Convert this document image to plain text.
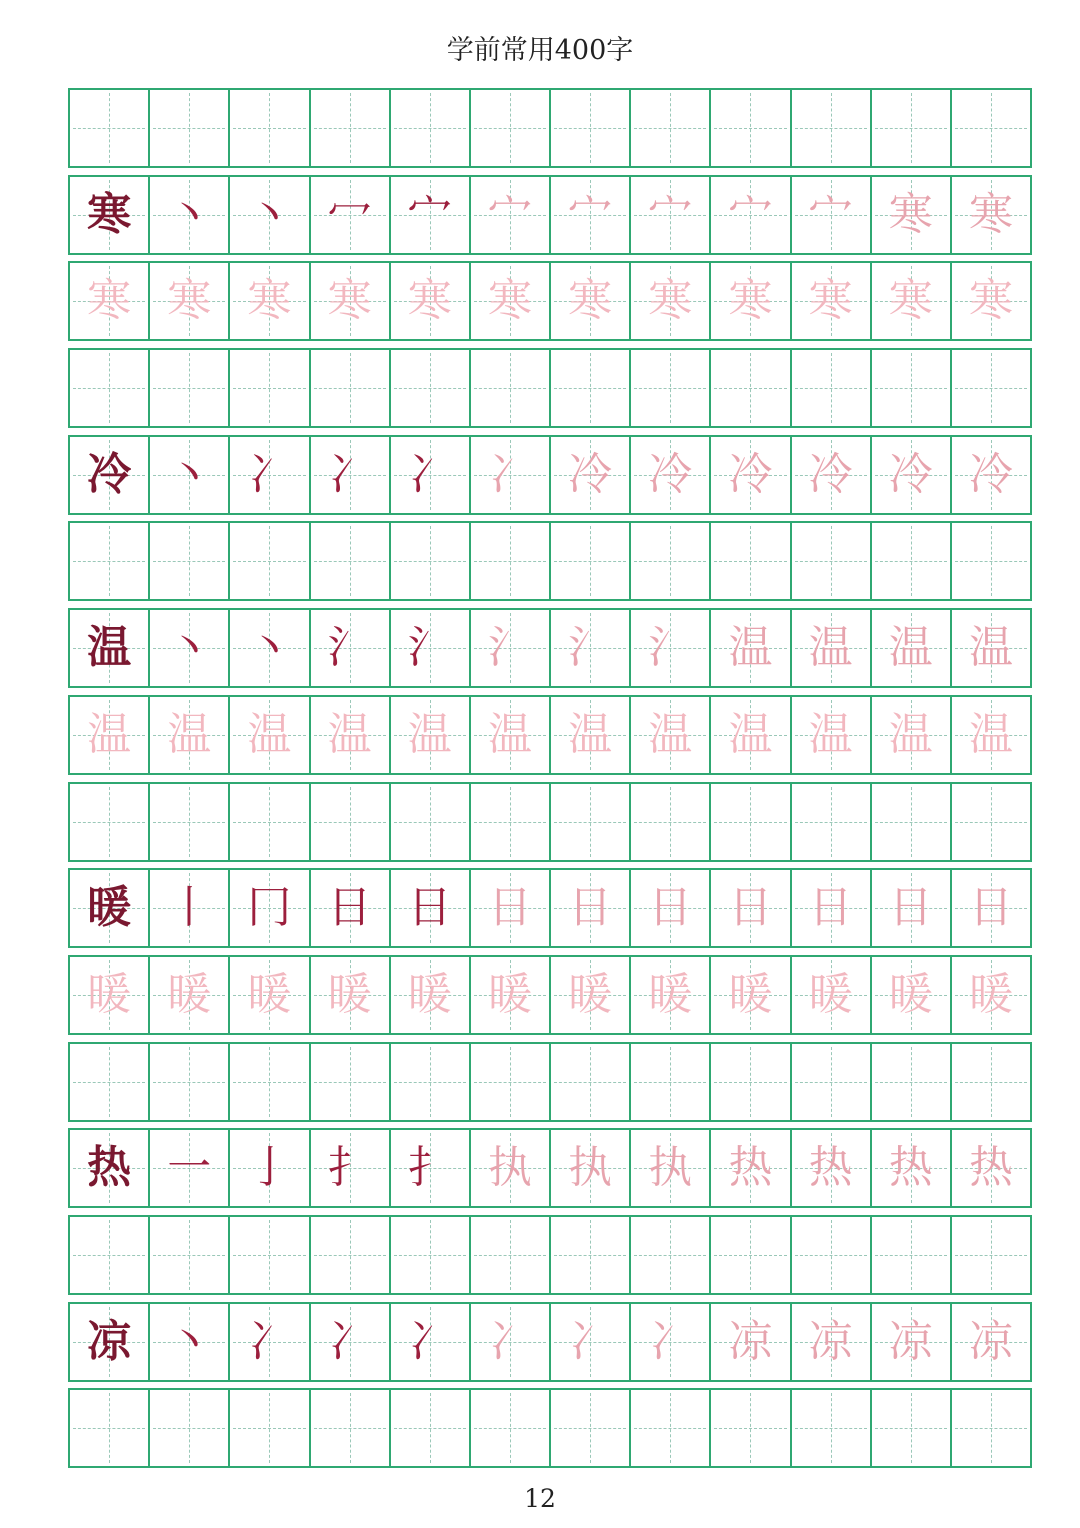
学前常用400字
寒 丶 丶 冖 宀 宀 宀 宀 宀 宀 寒 寒
寒 寒 寒 寒 寒 寒 寒 寒 寒 寒 寒 寒
冷 丶 冫 冫 冫 冫 冷 冷 冷 冷 冷 冷
温 丶 丶 氵 氵 氵 氵 氵 温 温 温 温
温 温 温 温 温 温 温 温 温 温 温 温
暖 丨 冂 日 日 日 日 日 日 日 日 日
暖 暖 暖 暖 暖 暖 暖 暖 暖 暖 暖 暖
热 一 亅 扌 扌 执 执 执 热 热 热 热
凉 丶 冫 冫 冫 冫 冫 冫 凉 凉 凉 凉
12
